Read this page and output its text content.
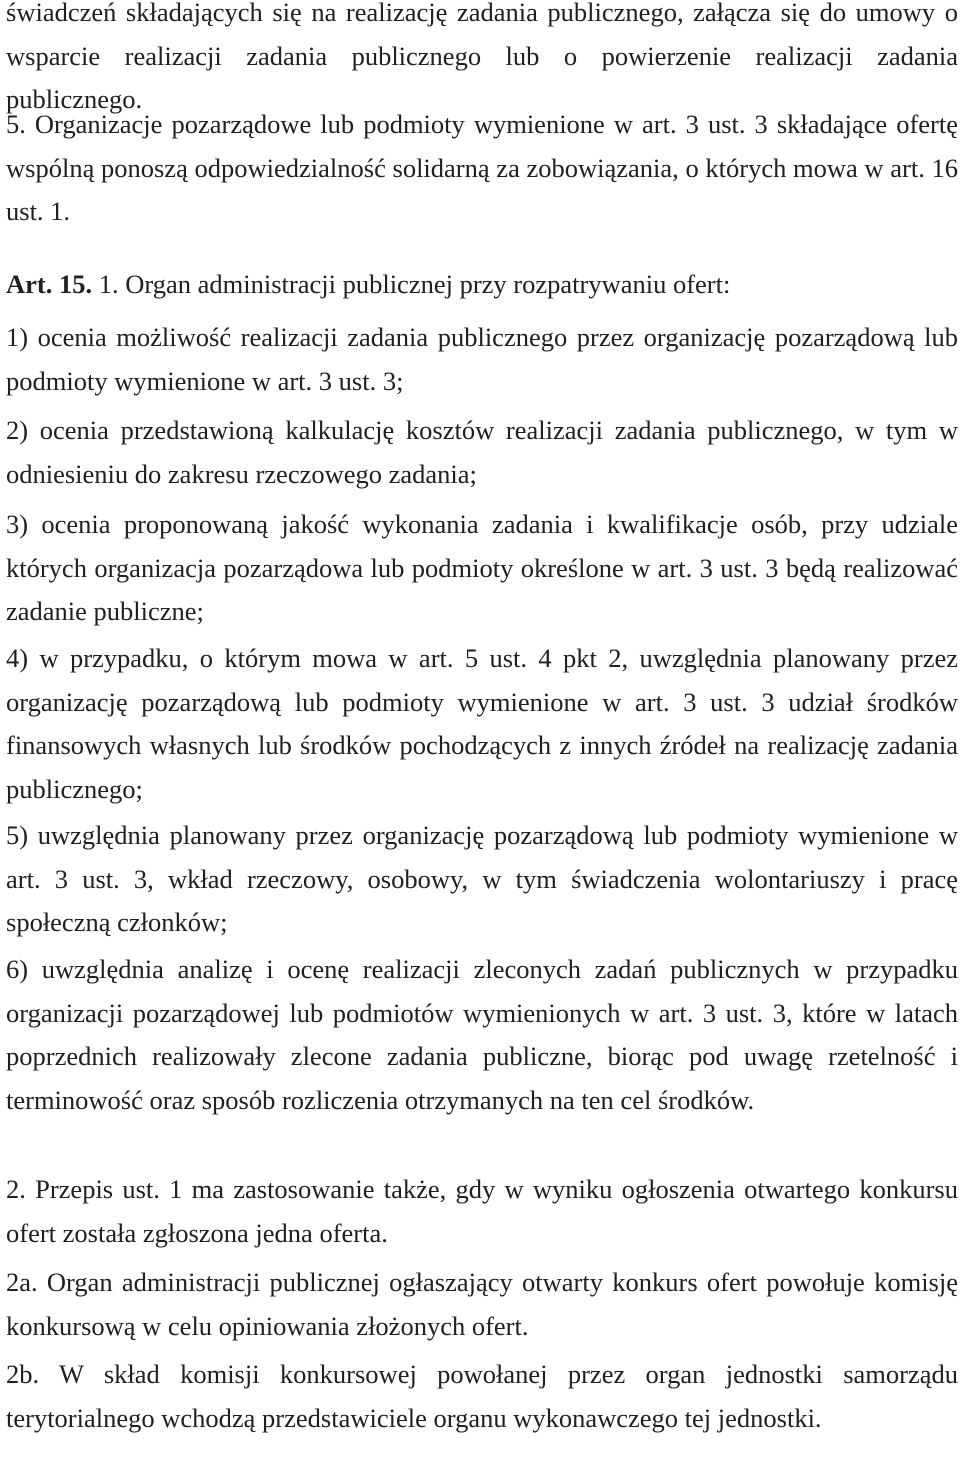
świadczeń składających się na realizację zadania publicznego, załącza się do umowy o wsparcie realizacji zadania publicznego lub o powierzenie realizacji zadania publicznego.

5. Organizacje pozarządowe lub podmioty wymienione w art. 3 ust. 3 składające ofertę wspólną ponoszą odpowiedzialność solidarną za zobowiązania, o których mowa w art. 16 ust. 1.

Art. 15. 1. Organ administracji publicznej przy rozpatrywaniu ofert:

1) ocenia możliwość realizacji zadania publicznego przez organizację pozarządową lub podmioty wymienione w art. 3 ust. 3;

2) ocenia przedstawioną kalkulację kosztów realizacji zadania publicznego, w tym w odniesieniu do zakresu rzeczowego zadania;

3) ocenia proponowaną jakość wykonania zadania i kwalifikacje osób, przy udziale których organizacja pozarządowa lub podmioty określone w art. 3 ust. 3 będą realizować zadanie publiczne;

4) w przypadku, o którym mowa w art. 5 ust. 4 pkt 2, uwzględnia planowany przez organizację pozarządową lub podmioty wymienione w art. 3 ust. 3 udział środków finansowych własnych lub środków pochodzących z innych źródeł na realizację zadania publicznego;

5) uwzględnia planowany przez organizację pozarządową lub podmioty wymienione w art. 3 ust. 3, wkład rzeczowy, osobowy, w tym świadczenia wolontariuszy i pracę społeczną członków;

6) uwzględnia analizę i ocenę realizacji zleconych zadań publicznych w przypadku organizacji pozarządowej lub podmiotów wymienionych w art. 3 ust. 3, które w latach poprzednich realizowały zlecone zadania publiczne, biorąc pod uwagę rzetelność i terminowość oraz sposób rozliczenia otrzymanych na ten cel środków.

2. Przepis ust. 1 ma zastosowanie także, gdy w wyniku ogłoszenia otwartego konkursu ofert została zgłoszona jedna oferta.

2a. Organ administracji publicznej ogłaszający otwarty konkurs ofert powołuje komisję konkursową w celu opiniowania złożonych ofert.

2b. W skład komisji konkursowej powołanej przez organ jednostki samorządu terytorialnego wchodzą przedstawiciele organu wykonawczego tej jednostki.
